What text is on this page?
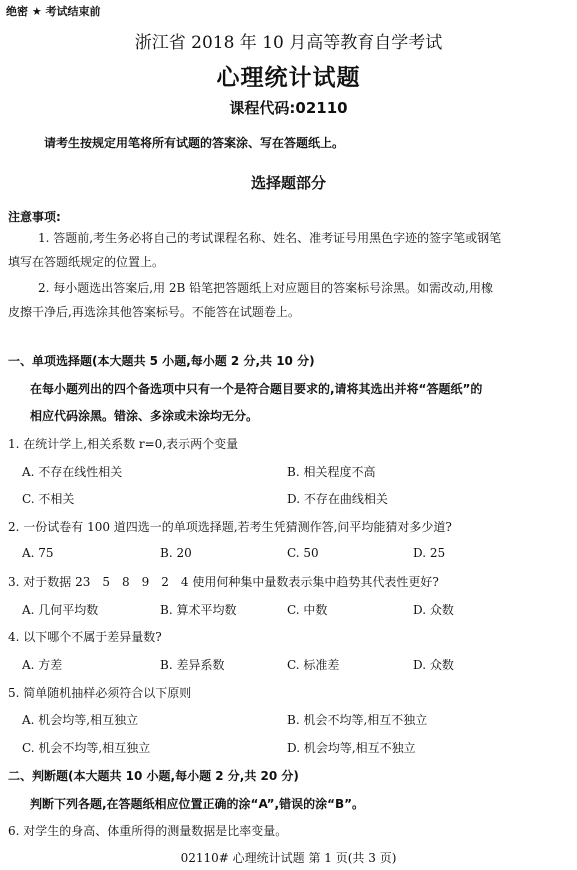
绝密 ★ 考试结束前
浙江省 2018 年 10 月高等教育自学考试
心理统计试题
课程代码:02110
请考生按规定用笔将所有试题的答案涂、写在答题纸上。
选择题部分
注意事项:
1. 答题前,考生务必将自己的考试课程名称、姓名、准考证号用黑色字迹的签字笔或钢笔
填写在答题纸规定的位置上。
2. 每小题选出答案后,用 2B 铅笔把答题纸上对应题目的答案标号涂黑。如需改动,用橡
皮擦干净后,再选涂其他答案标号。不能答在试题卷上。
一、单项选择题(本大题共 5 小题,每小题 2 分,共 10 分)
在每小题列出的四个备选项中只有一个是符合题目要求的,请将其选出并将“答题纸”的
相应代码涂黑。错涂、多涂或未涂均无分。
1. 在统计学上,相关系数 r=0,表示两个变量
A. 不存在线性相关	B. 相关程度不高
C. 不相关	D. 不存在曲线相关
2. 一份试卷有 100 道四选一的单项选择题,若考生凭猜测作答,问平均能猜对多少道?
A. 75	B. 20	C. 50	D. 25
3. 对于数据 23　5　8　9　2　4 使用何种集中量数表示集中趋势其代表性更好?
A. 几何平均数	B. 算术平均数	C. 中数	D. 众数
4. 以下哪个不属于差异量数?
A. 方差	B. 差异系数	C. 标准差	D. 众数
5. 简单随机抽样必须符合以下原则
A. 机会均等,相互独立	B. 机会不均等,相互不独立
C. 机会不均等,相互独立	D. 机会均等,相互不独立
二、判断题(本大题共 10 小题,每小题 2 分,共 20 分)
判断下列各题,在答题纸相应位置正确的涂“A”,错误的涂“B”。
6. 对学生的身高、体重所得的测量数据是比率变量。
02110# 心理统计试题 第 1 页(共 3 页)
